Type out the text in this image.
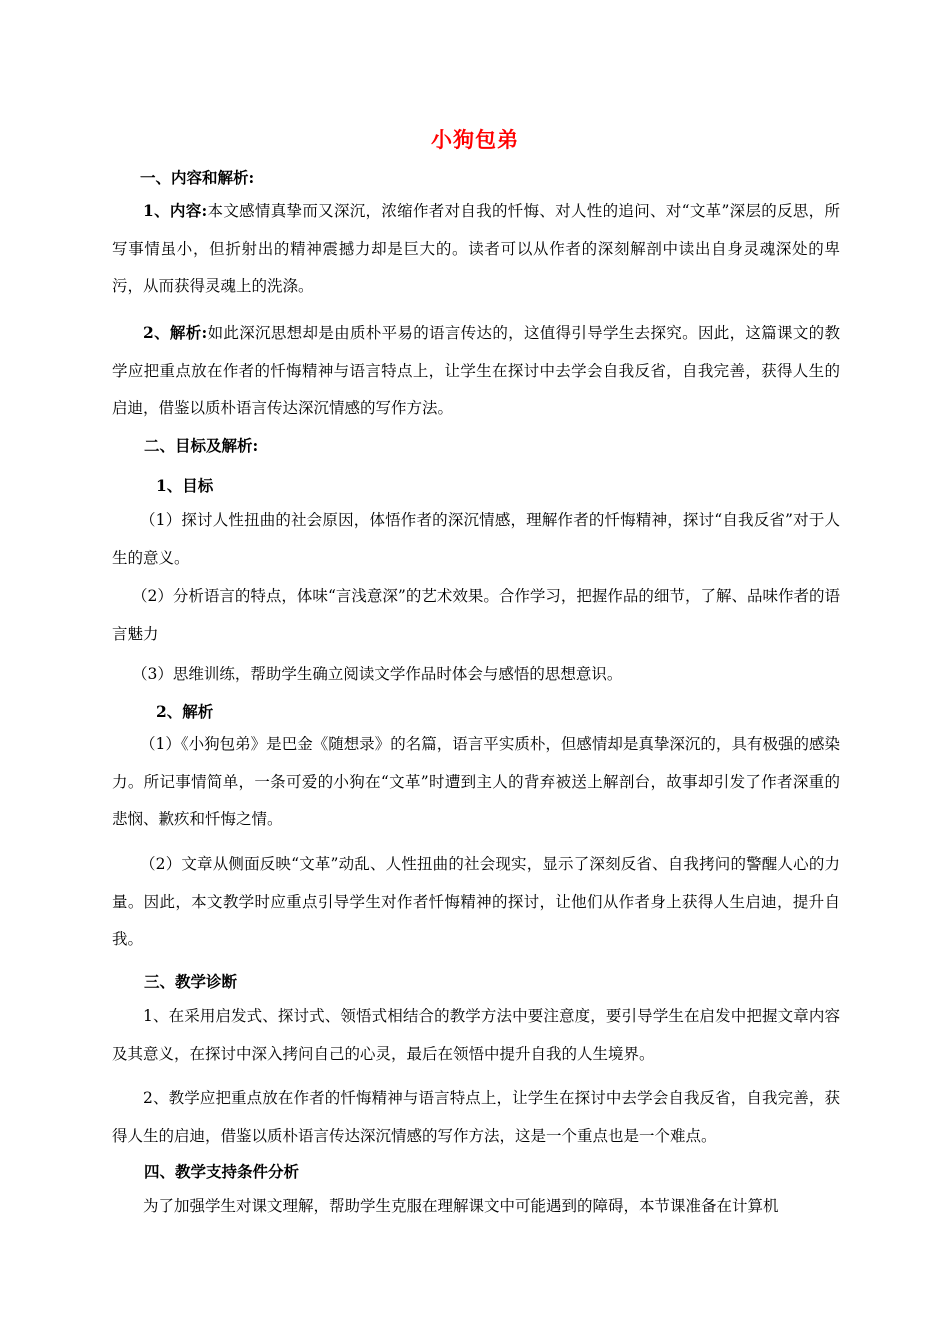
小狗包弟
一、内容和解析:
1、内容:本文感情真挚而又深沉，浓缩作者对自我的忏悔、对人性的追问、对“文革”深层的反思，所写事情虽小，但折射出的精神震撼力却是巨大的。读者可以从作者的深刻解剖中读出自身灵魂深处的卑污，从而获得灵魂上的洗涤。
2、解析:如此深沉思想却是由质朴平易的语言传达的，这值得引导学生去探究。因此，这篇课文的教学应把重点放在作者的忏悔精神与语言特点上，让学生在探讨中去学会自我反省，自我完善，获得人生的启迪，借鉴以质朴语言传达深沉情感的写作方法。
二、目标及解析:
1、目标
（1）探讨人性扭曲的社会原因，体悟作者的深沉情感，理解作者的忏悔精神，探讨“自我反省”对于人生的意义。
（2）分析语言的特点，体味“言浅意深”的艺术效果。合作学习，把握作品的细节，了解、品味作者的语言魅力
（3）思维训练，帮助学生确立阅读文学作品时体会与感悟的思想意识。
2、解析
（1）《小狗包弟》是巴金《随想录》的名篇，语言平实质朴，但感情却是真挚深沉的，具有极强的感染力。所记事情简单，一条可爱的小狗在“文革”时遭到主人的背弃被送上解剖台，故事却引发了作者深重的悲悯、歉疚和忏悔之情。
（2）文章从侧面反映“文革”动乱、人性扭曲的社会现实，显示了深刻反省、自我拷问的警醒人心的力量。因此，本文教学时应重点引导学生对作者忏悔精神的探讨，让他们从作者身上获得人生启迪，提升自我。
三、教学诊断
1、在采用启发式、探讨式、领悟式相结合的教学方法中要注意度，要引导学生在启发中把握文章内容及其意义，在探讨中深入拷问自己的心灵，最后在领悟中提升自我的人生境界。
2、教学应把重点放在作者的忏悔精神与语言特点上，让学生在探讨中去学会自我反省，自我完善，获得人生的启迪，借鉴以质朴语言传达深沉情感的写作方法，这是一个重点也是一个难点。
四、教学支持条件分析
为了加强学生对课文理解，帮助学生克服在理解课文中可能遇到的障碍，本节课准备在计算机
